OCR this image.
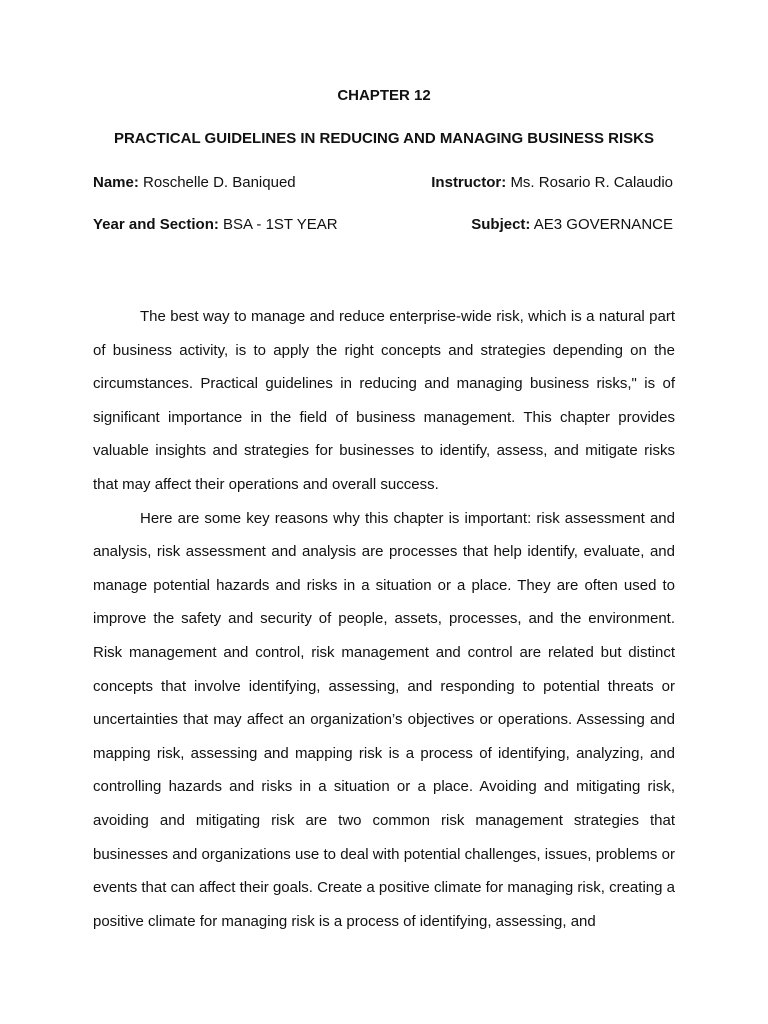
CHAPTER 12
PRACTICAL GUIDELINES IN REDUCING AND MANAGING BUSINESS RISKS
Name: Roschelle D. Baniqued	Instructor: Ms. Rosario R. Calaudio
Year and Section: BSA - 1ST YEAR	Subject: AE3 GOVERNANCE

The best way to manage and reduce enterprise-wide risk, which is a natural part of business activity, is to apply the right concepts and strategies depending on the circumstances. Practical guidelines in reducing and managing business risks," is of significant importance in the field of business management. This chapter provides valuable insights and strategies for businesses to identify, assess, and mitigate risks that may affect their operations and overall success.

Here are some key reasons why this chapter is important: risk assessment and analysis, risk assessment and analysis are processes that help identify, evaluate, and manage potential hazards and risks in a situation or a place. They are often used to improve the safety and security of people, assets, processes, and the environment. Risk management and control, risk management and control are related but distinct concepts that involve identifying, assessing, and responding to potential threats or uncertainties that may affect an organization’s objectives or operations. Assessing and mapping risk, assessing and mapping risk is a process of identifying, analyzing, and controlling hazards and risks in a situation or a place. Avoiding and mitigating risk, avoiding and mitigating risk are two common risk management strategies that businesses and organizations use to deal with potential challenges, issues, problems or events that can affect their goals. Create a positive climate for managing risk, creating a positive climate for managing risk is a process of identifying, assessing, and
